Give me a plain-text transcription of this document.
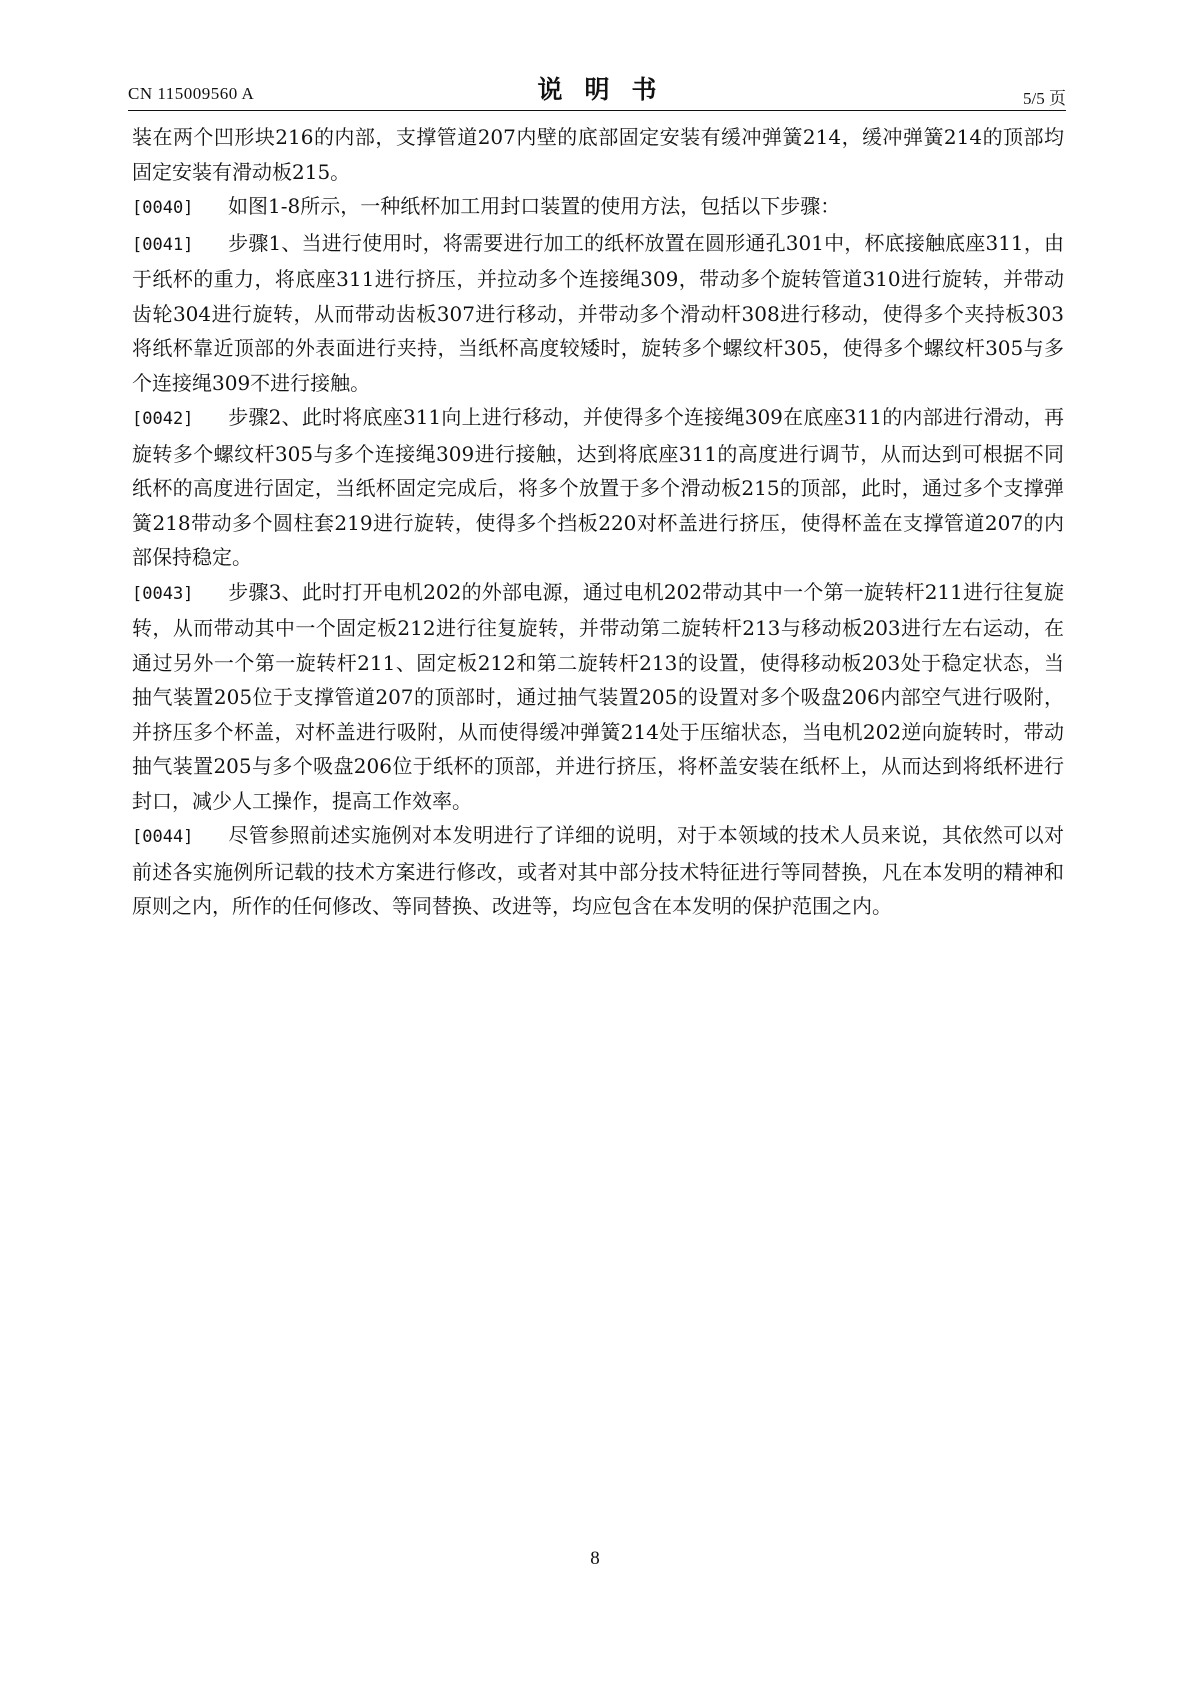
CN 115009560 A	说明书	5/5 页

装在两个凹形块216的内部，支撑管道207内壁的底部固定安装有缓冲弹簧214，缓冲弹簧214的顶部均固定安装有滑动板215。

[0040] 如图1-8所示，一种纸杯加工用封口装置的使用方法，包括以下步骤：

[0041] 步骤1、当进行使用时，将需要进行加工的纸杯放置在圆形通孔301中，杯底接触底座311，由于纸杯的重力，将底座311进行挤压，并拉动多个连接绳309，带动多个旋转管道310进行旋转，并带动齿轮304进行旋转，从而带动齿板307进行移动，并带动多个滑动杆308进行移动，使得多个夹持板303将纸杯靠近顶部的外表面进行夹持，当纸杯高度较矮时，旋转多个螺纹杆305，使得多个螺纹杆305与多个连接绳309不进行接触。

[0042] 步骤2、此时将底座311向上进行移动，并使得多个连接绳309在底座311的内部进行滑动，再旋转多个螺纹杆305与多个连接绳309进行接触，达到将底座311的高度进行调节，从而达到可根据不同纸杯的高度进行固定，当纸杯固定完成后，将多个放置于多个滑动板215的顶部，此时，通过多个支撑弹簧218带动多个圆柱套219进行旋转，使得多个挡板220对杯盖进行挤压，使得杯盖在支撑管道207的内部保持稳定。

[0043] 步骤3、此时打开电机202的外部电源，通过电机202带动其中一个第一旋转杆211进行往复旋转，从而带动其中一个固定板212进行往复旋转，并带动第二旋转杆213与移动板203进行左右运动，在通过另外一个第一旋转杆211、固定板212和第二旋转杆213的设置，使得移动板203处于稳定状态，当抽气装置205位于支撑管道207的顶部时，通过抽气装置205的设置对多个吸盘206内部空气进行吸附，并挤压多个杯盖，对杯盖进行吸附，从而使得缓冲弹簧214处于压缩状态，当电机202逆向旋转时，带动抽气装置205与多个吸盘206位于纸杯的顶部，并进行挤压，将杯盖安装在纸杯上，从而达到将纸杯进行封口，减少人工操作，提高工作效率。

[0044] 尽管参照前述实施例对本发明进行了详细的说明，对于本领域的技术人员来说，其依然可以对前述各实施例所记载的技术方案进行修改，或者对其中部分技术特征进行等同替换，凡在本发明的精神和原则之内，所作的任何修改、等同替换、改进等，均应包含在本发明的保护范围之内。

8
